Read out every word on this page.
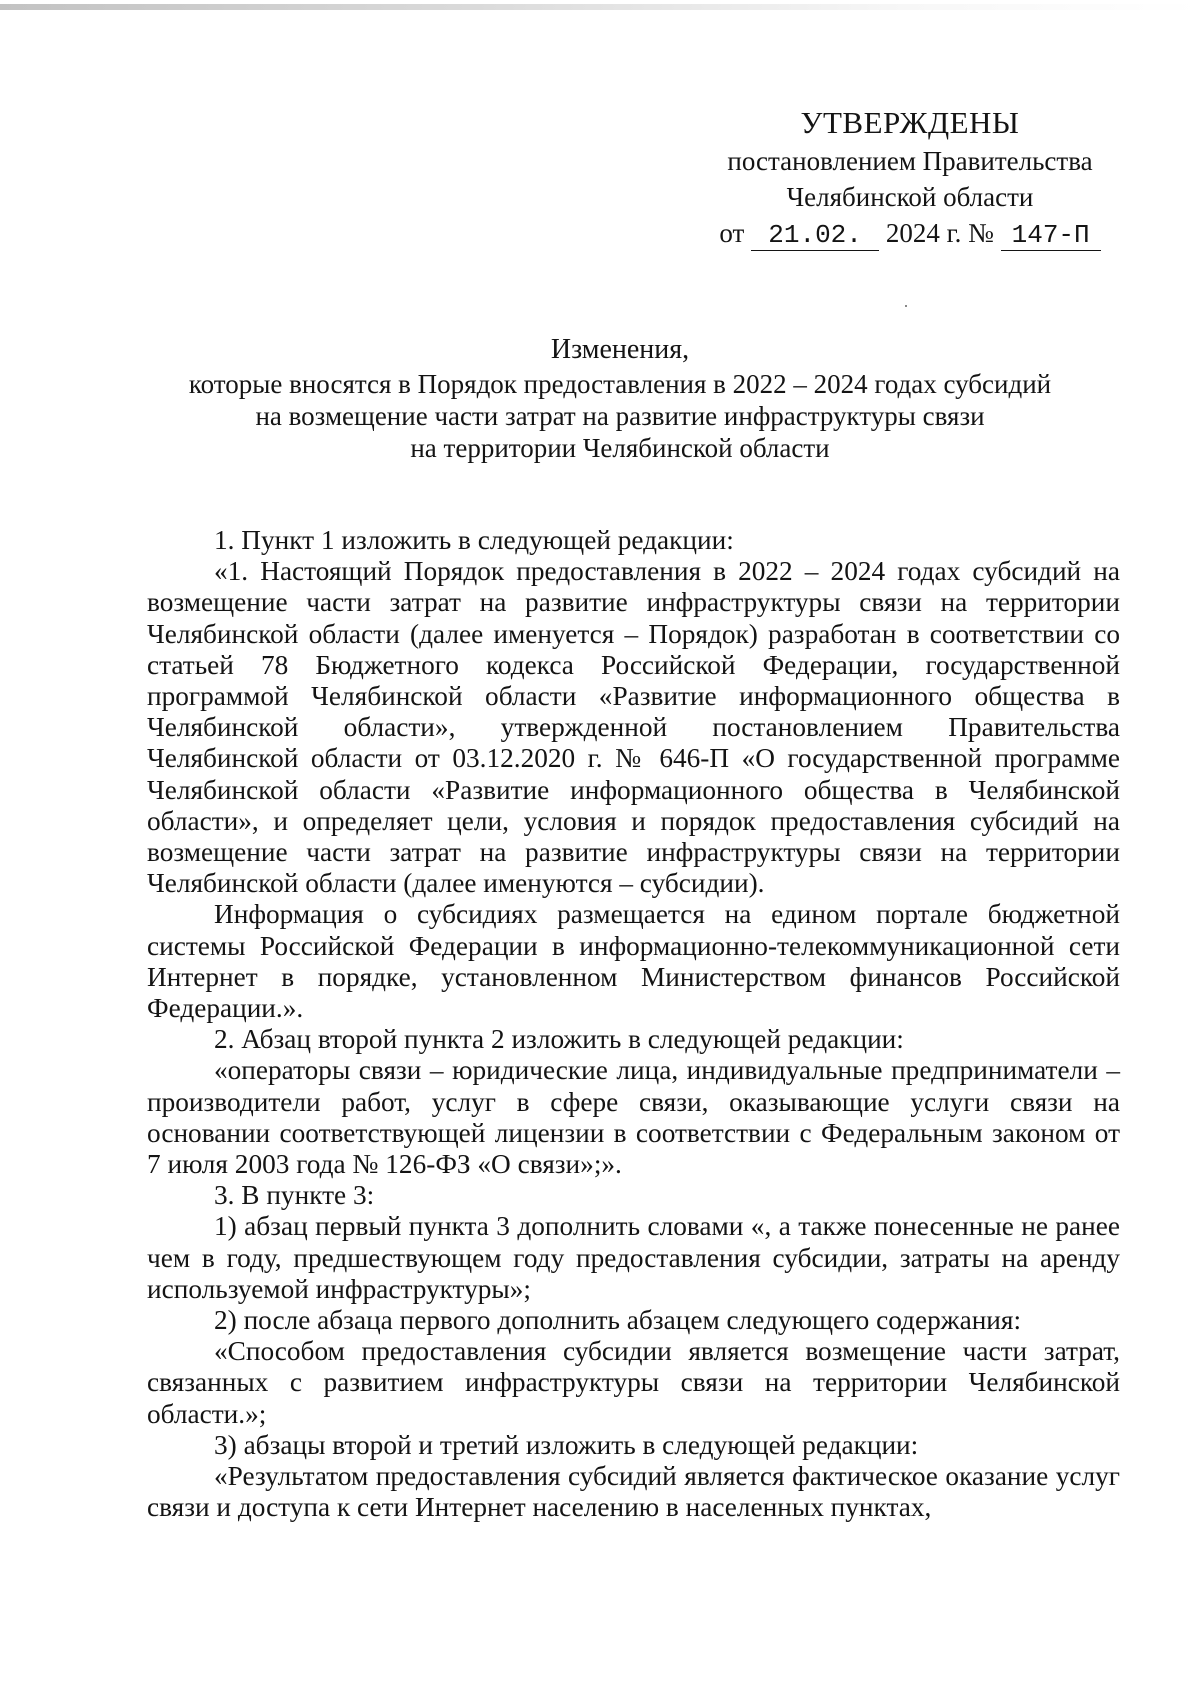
УТВЕРЖДЕНЫ
постановлением Правительства
Челябинской области
от 21.02. 2024 г. № 147-П
Изменения,
которые вносятся в Порядок предоставления в 2022 – 2024 годах субсидий
на возмещение части затрат на развитие инфраструктуры связи
на территории Челябинской области

1. Пункт 1 изложить в следующей редакции:

«1. Настоящий Порядок предоставления в 2022 – 2024 годах субсидий на возмещение части затрат на развитие инфраструктуры связи на территории Челябинской области (далее именуется – Порядок) разработан в соответствии со статьей 78 Бюджетного кодекса Российской Федерации, государственной программой Челябинской области «Развитие информационного общества в Челябинской области», утвержденной постановлением Правительства Челябинской области от 03.12.2020 г. № 646-П «О государственной программе Челябинской области «Развитие информационного общества в Челябинской области», и определяет цели, условия и порядок предоставления субсидий на возмещение части затрат на развитие инфраструктуры связи на территории Челябинской области (далее именуются – субсидии).

Информация о субсидиях размещается на едином портале бюджетной системы Российской Федерации в информационно-телекоммуникационной сети Интернет в порядке, установленном Министерством финансов Российской Федерации.».

2. Абзац второй пункта 2 изложить в следующей редакции:

«операторы связи – юридические лица, индивидуальные предприниматели – производители работ, услуг в сфере связи, оказывающие услуги связи на основании соответствующей лицензии в соответствии с Федеральным законом от 7 июля 2003 года № 126-ФЗ «О связи»;».

3. В пункте 3:

1) абзац первый пункта 3 дополнить словами «, а также понесенные не ранее чем в году, предшествующем году предоставления субсидии, затраты на аренду используемой инфраструктуры»;

2) после абзаца первого дополнить абзацем следующего содержания:

«Способом предоставления субсидии является возмещение части затрат, связанных с развитием инфраструктуры связи на территории Челябинской области.»;

3) абзацы второй и третий изложить в следующей редакции:

«Результатом предоставления субсидий является фактическое оказание услуг связи и доступа к сети Интернет населению в населенных пунктах,
